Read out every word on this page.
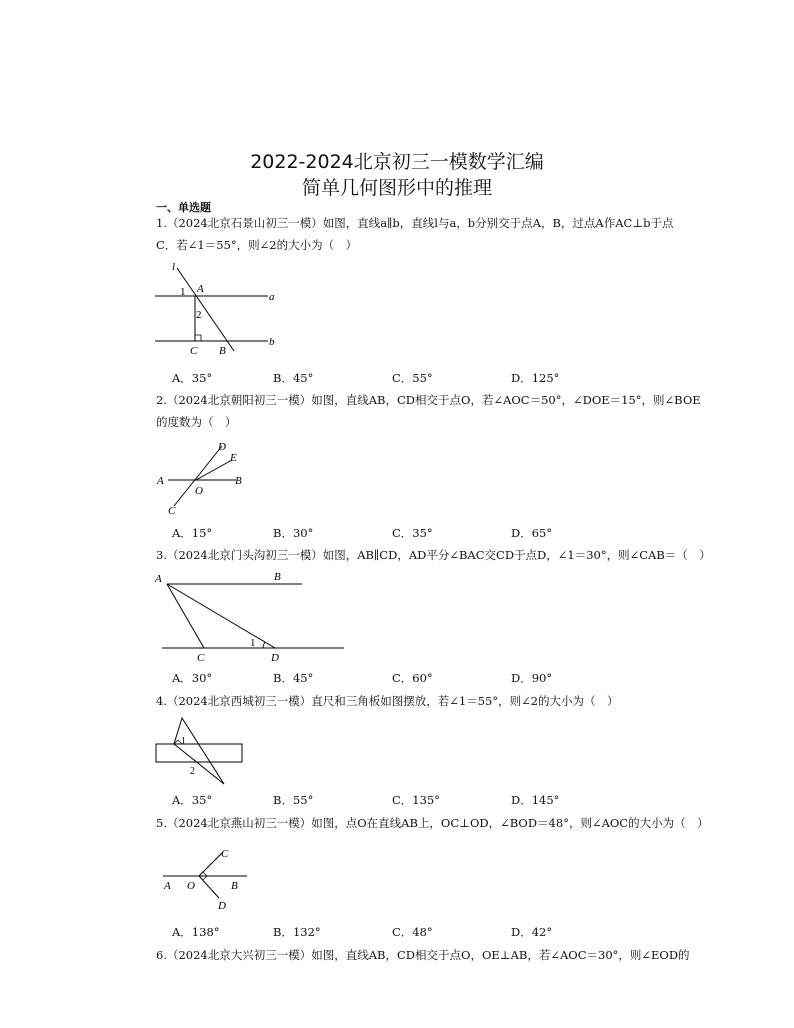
2022-2024北京初三一模数学汇编
简单几何图形中的推理
一、单选题
1.（2024北京石景山初三一模）如图，直线a∥b，直线l与a，b分别交于点A，B，过点A作AC⊥b于点
C．若∠1＝55°，则∠2的大小为（　）
l
A
a
1
2
b
C B
A．35°	B．45°	C．55°	D．125°
2.（2024北京朝阳初三一模）如图，直线AB，CD相交于点O，若∠AOC＝50°，∠DOE＝15°，则∠BOE
的度数为（　）
D
E
A
O
B
C
A．15°	B．30°	C．35°	D．65°
3.（2024北京门头沟初三一模）如图，AB∥CD，AD平分∠BAC交CD于点D，∠1＝30°，则∠CAB＝（　）
A	B
1
C	D
A．30°	B．45°	C．60°	D．90°
4.（2024北京西城初三一模）直尺和三角板如图摆放，若∠1＝55°，则∠2的大小为（　）
1
2
A．35°	B．55°	C．135°	D．145°
5.（2024北京燕山初三一模）如图，点O在直线AB上，OC⊥OD，∠BOD＝48°，则∠AOC的大小为（　）
C
A O	B
D
A．138°	B．132°	C．48°	D．42°
6.（2024北京大兴初三一模）如图，直线AB，CD相交于点O，OE⊥AB，若∠AOC＝30°，则∠EOD的
